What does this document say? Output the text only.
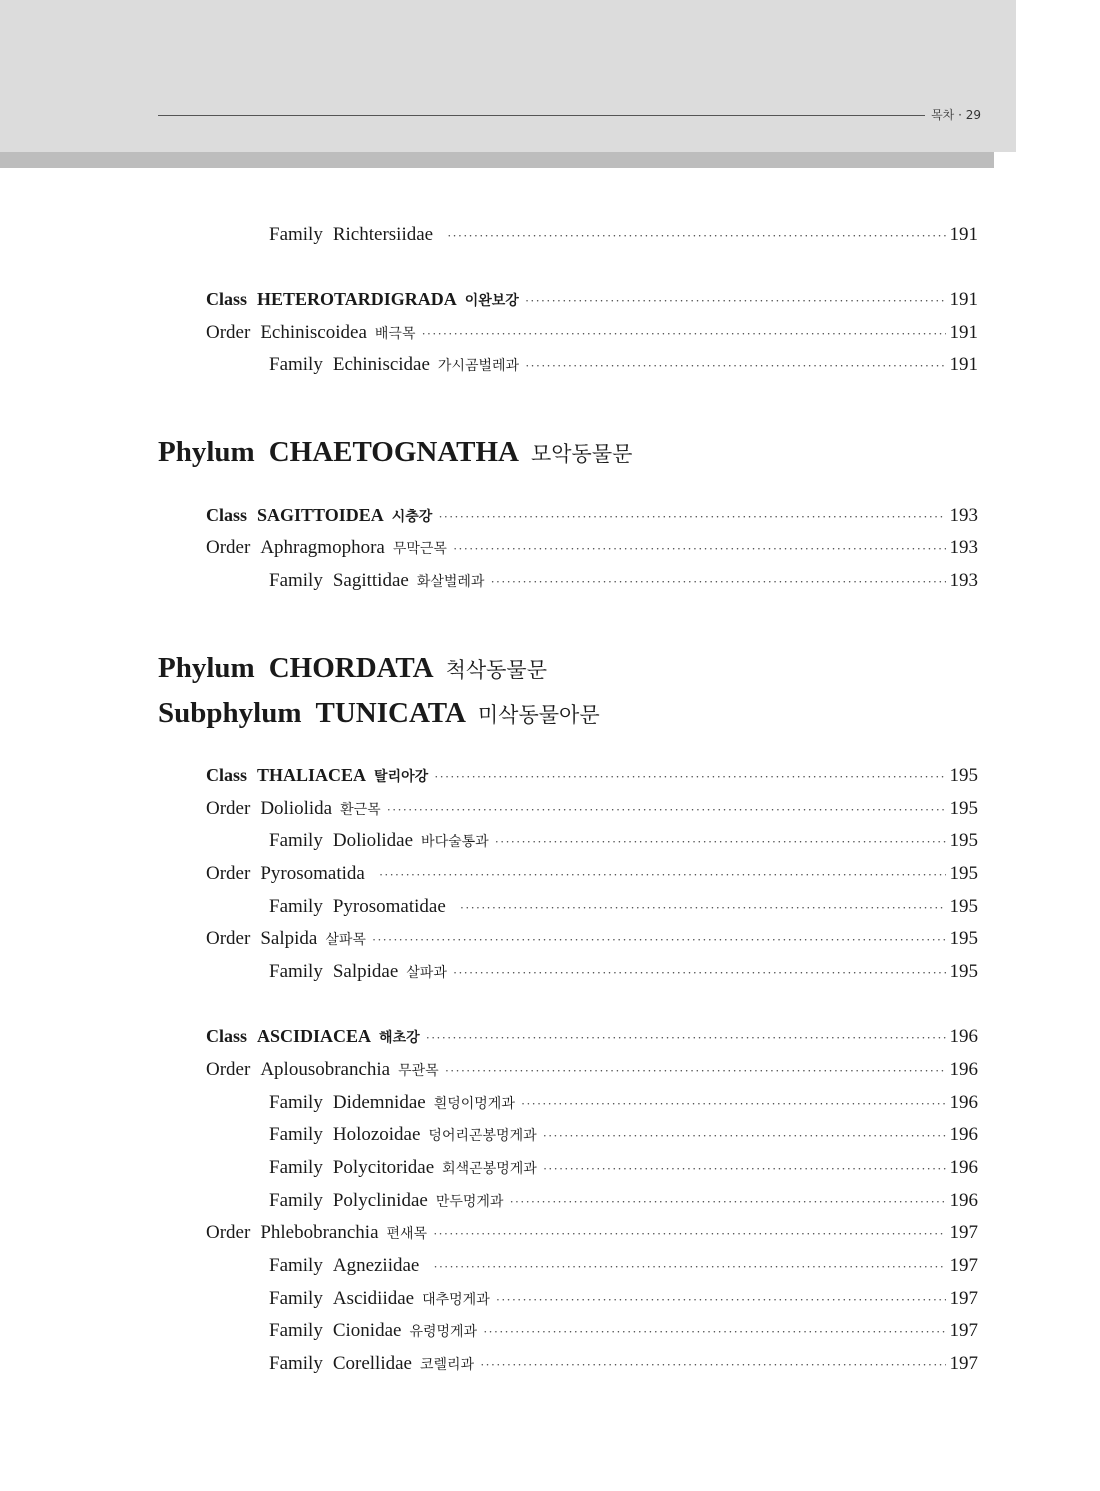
목차 · 29
Phylum CHAETOGNATHA 모악동물문
Phylum CHORDATA 척삭동물문
Subphylum TUNICATA 미삭동물아문
Family Richtersiidae ·····	191
Class HETEROTARDIGRADA 이완보강 ·····	191
Order Echiniscoidea 배극목 ·····	191
Family Echiniscidae 가시곰벌레과 ·····	191
Class SAGITTOIDEA 시충강 ·····	193
Order Aphragmophora 무막근목 ·····	193
Family Sagittidae 화살벌레과 ·····	193
Class THALIACEA 탈리아강 ·····	195
Order Doliolida 환근목 ·····	195
Family Doliolidae 바다술통과 ·····	195
Order Pyrosomatida ·····	195
Family Pyrosomatidae ·····	195
Order Salpida 살파목 ·····	195
Family Salpidae 살파과 ·····	195
Class ASCIDIACEA 해초강 ·····	196
Order Aplousobranchia 무관목 ·····	196
Family Didemnidae 흰덩이멍게과 ·····	196
Family Holozoidae 덩어리곤봉멍게과 ·····	196
Family Polycitoridae 회색곤봉멍게과 ·····	196
Family Polyclinidae 만두멍게과 ·····	196
Order Phlebobranchia 편새목 ·····	197
Family Agneziidae ·····	197
Family Ascidiidae 대추멍게과 ·····	197
Family Cionidae 유령멍게과 ·····	197
Family Corellidae 코렐리과 ·····	197
